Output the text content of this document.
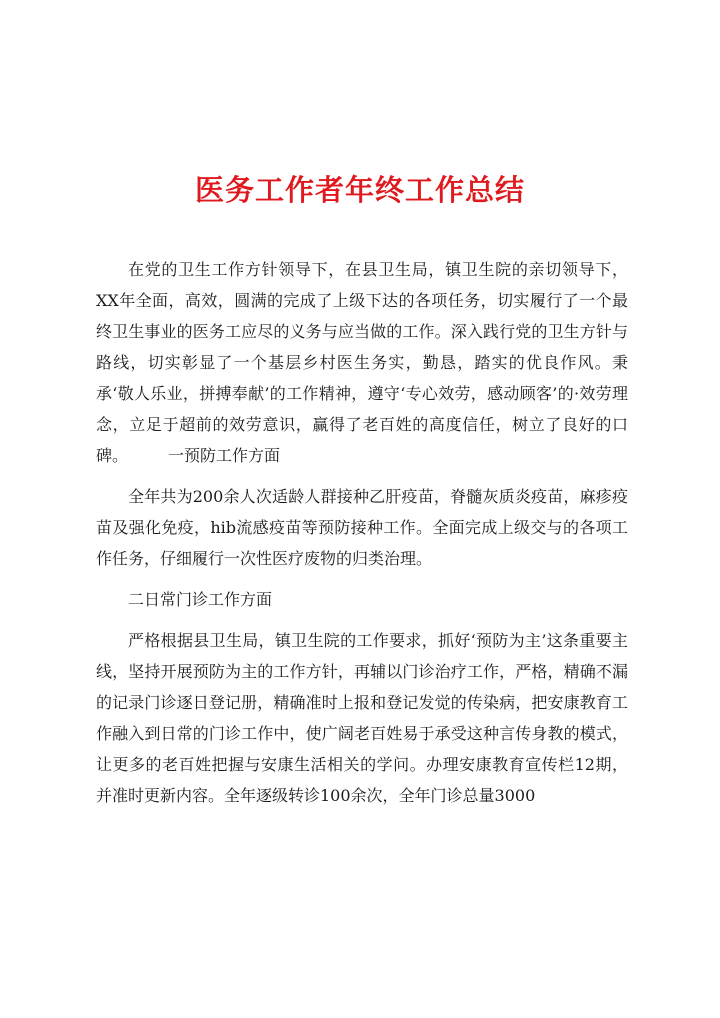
医务工作者年终工作总结

在党的卫生工作方针领导下，在县卫生局，镇卫生院的亲切领导下，XX年全面，高效，圆满的完成了上级下达的各项任务，切实履行了一个最终卫生事业的医务工应尽的义务与应当做的工作。深入践行党的卫生方针与路线，切实彰显了一个基层乡村医生务实，勤恳，踏实的优良作风。秉承‘敬人乐业，拼搏奉献’的工作精神，遵守‘专心效劳，感动顾客’的·效劳理念，立足于超前的效劳意识，赢得了老百姓的高度信任，树立了良好的口碑。	一预防工作方面

全年共为200余人次适龄人群接种乙肝疫苗，脊髓灰质炎疫苗，麻疹疫苗及强化免疫，hib流感疫苗等预防接种工作。全面完成上级交与的各项工作任务，仔细履行一次性医疗废物的归类治理。

二日常门诊工作方面

严格根据县卫生局，镇卫生院的工作要求，抓好‘预防为主’这条重要主线，坚持开展预防为主的工作方针，再辅以门诊治疗工作，严格，精确不漏的记录门诊逐日登记册，精确准时上报和登记发觉的传染病，把安康教育工作融入到日常的门诊工作中，使广阔老百姓易于承受这种言传身教的模式，让更多的老百姓把握与安康生活相关的学问。办理安康教育宣传栏12期，并准时更新内容。全年逐级转诊100余次，全年门诊总量3000
